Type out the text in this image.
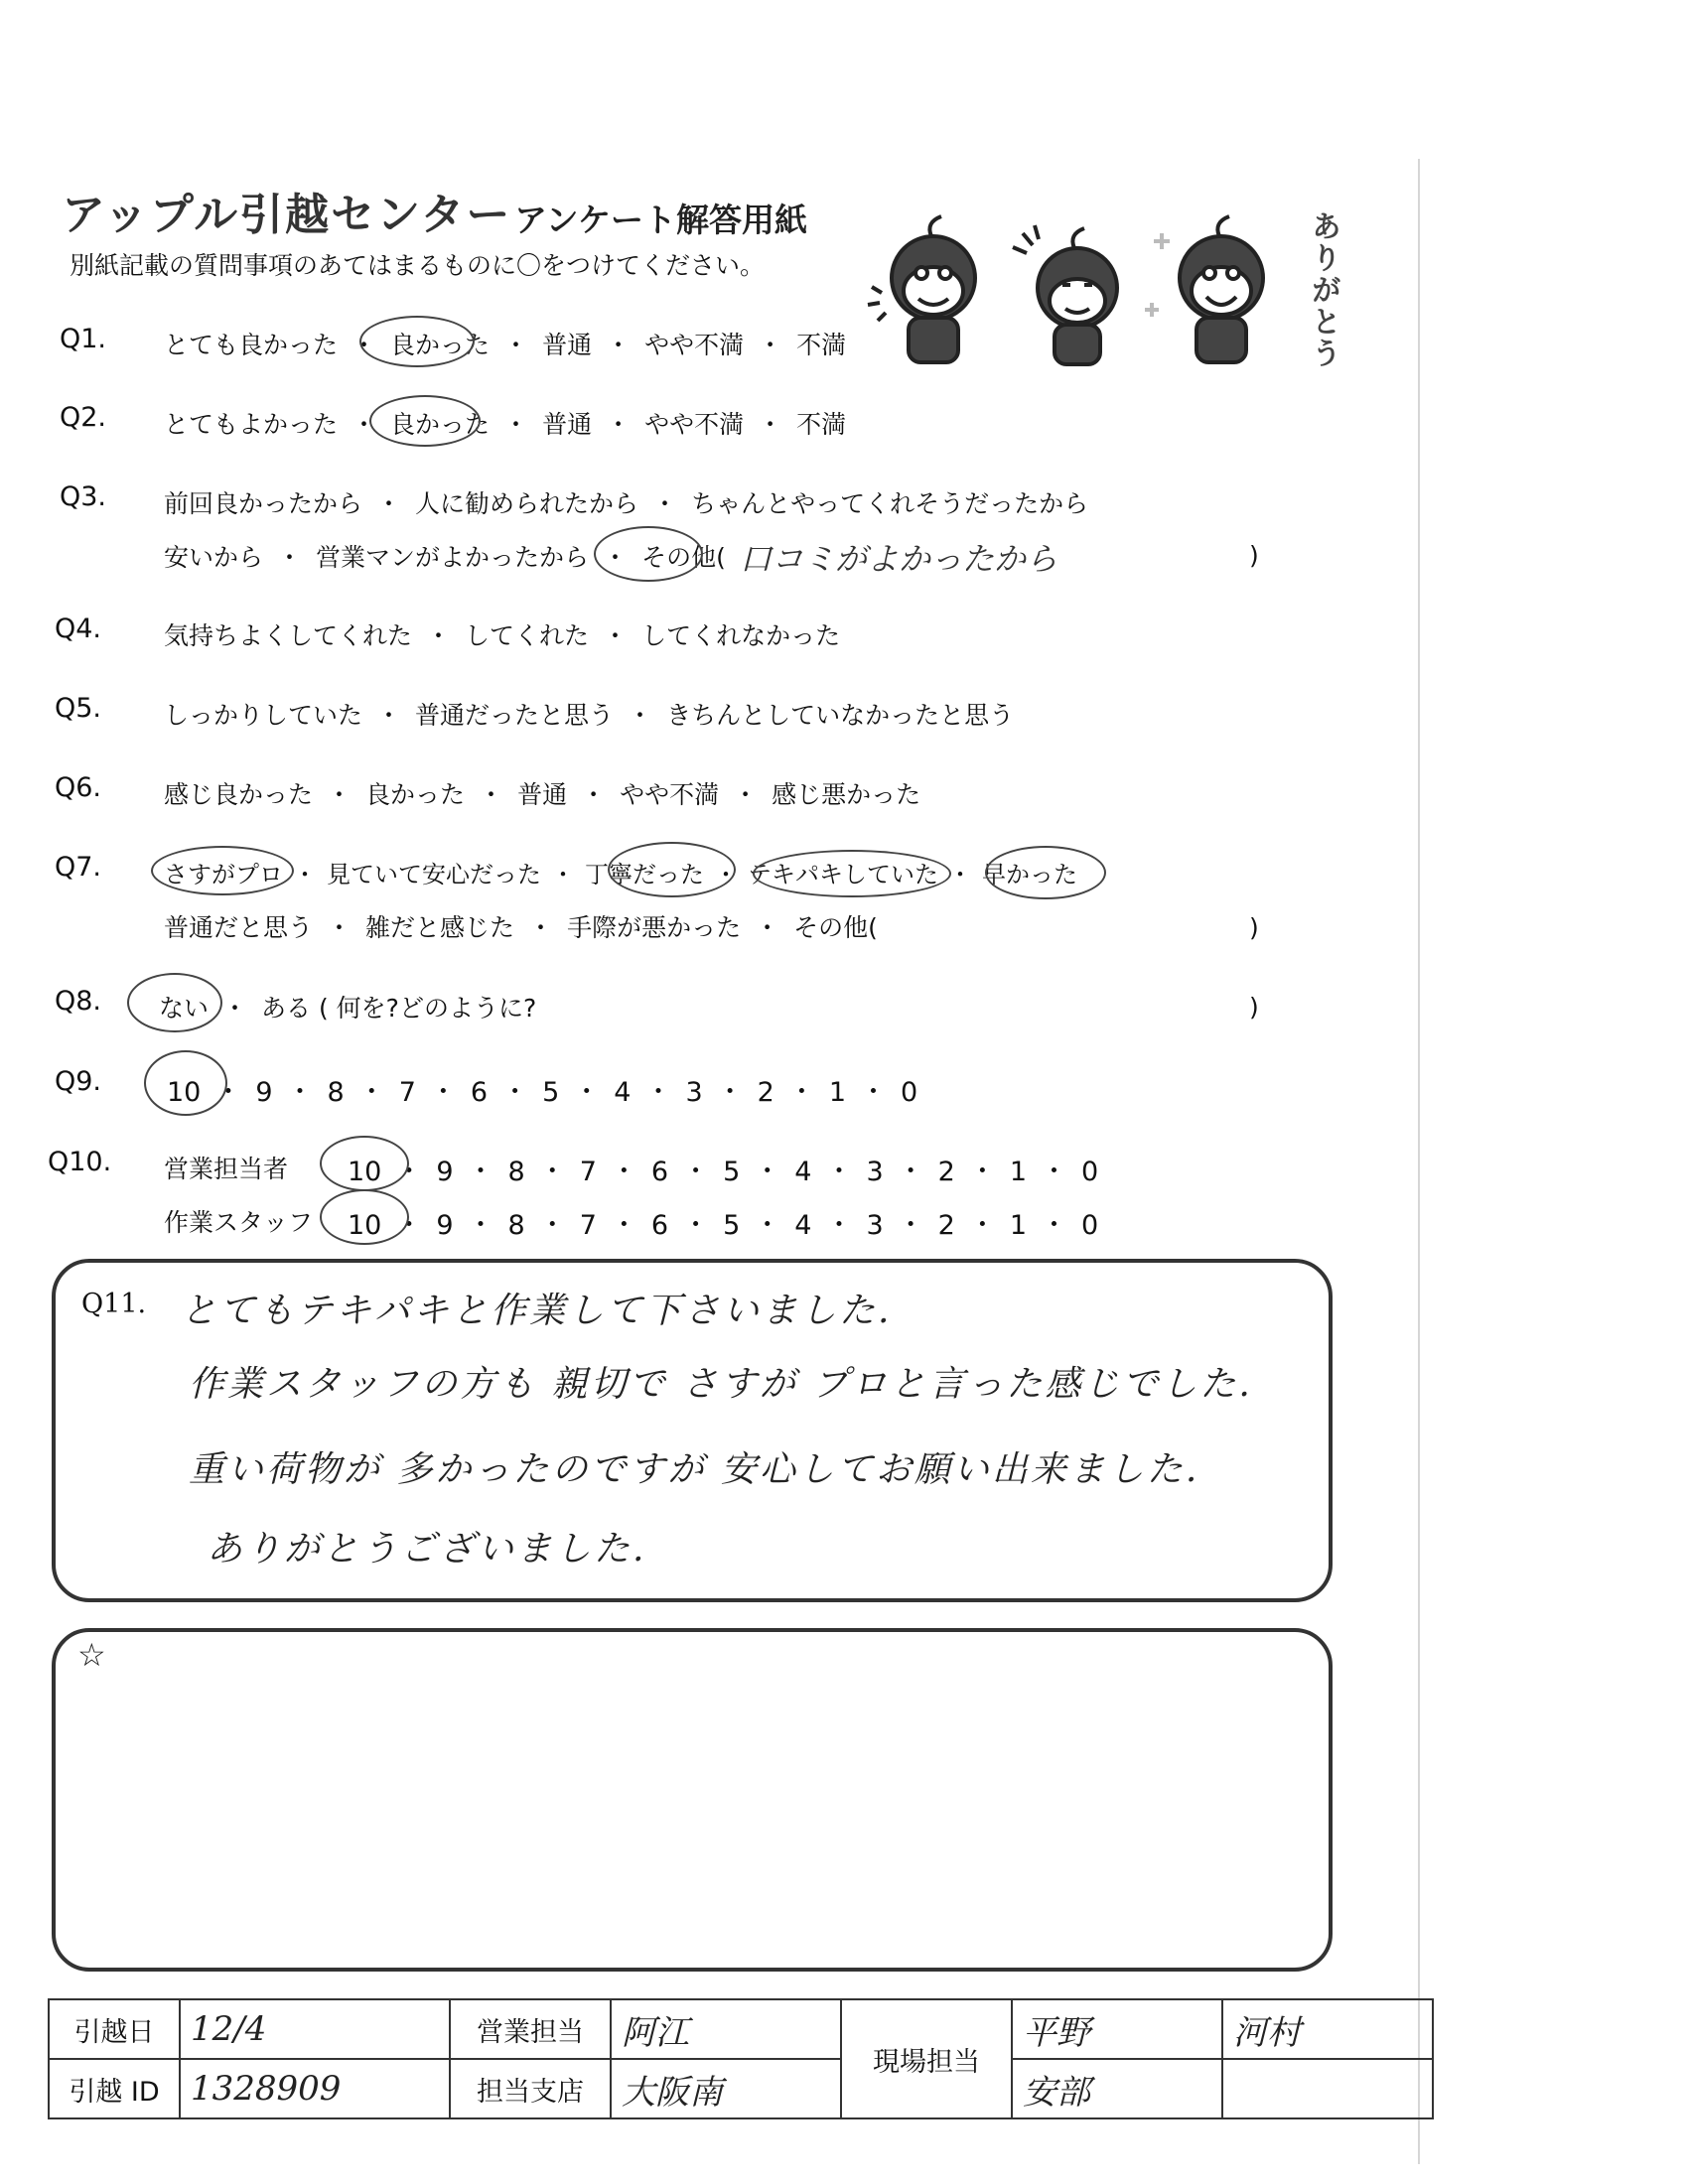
アップル引越センター アンケート解答用紙
別紙記載の質問事項のあてはまるものに〇をつけてください。	ありがとう
Q1. とても良かった ・ 良かった ・ 普通 ・ やや不満 ・ 不満
Q2. とてもよかった ・ 良かった ・ 普通 ・ やや不満 ・ 不満
Q3. 前回良かったから ・ 人に勧められたから ・ ちゃんとやってくれそうだったから
安いから ・ 営業マンがよかったから ・ その他( 口コミがよかったから	)
Q4.	気持ちよくしてくれた ・ してくれた ・ してくれなかった
Q5.	しっかりしていた ・ 普通だったと思う ・ きちんとしていなかったと思う
Q6.	感じ良かった ・ 良かった ・ 普通 ・ やや不満 ・ 感じ悪かった
Q7.	さすがプロ ・ 見ていて安心だった ・ 丁寧だった ・ テキパキしていた ・ 早かった
普通だと思う ・ 雑だと感じた ・ 手際が悪かった ・ その他(	)
Q8. ない ・ ある ( 何を?どのように?	)
Q9. 10 ・ 9 ・ 8 ・ 7 ・ 6 ・ 5 ・ 4 ・ 3 ・ 2 ・ 1 ・ 0
Q10. 営業担当者 10 ・ 9 ・ 8 ・ 7 ・ 6 ・ 5 ・ 4 ・ 3 ・ 2 ・ 1 ・ 0
作業スタッフ 10 ・ 9 ・ 8 ・ 7 ・ 6 ・ 5 ・ 4 ・ 3 ・ 2 ・ 1 ・ 0
Q11. とてもテキパキと作業して下さいました.
作業スタッフの方も 親切で さすが プロと言った感じでした.
重い荷物が 多かったのですが 安心してお願い出来ました.
ありがとうございました.
☆
引越日	12/4	営業担当	阿江	現場担当	平野	河村
引越 ID	1328909	担当支店	大阪南		安部	
